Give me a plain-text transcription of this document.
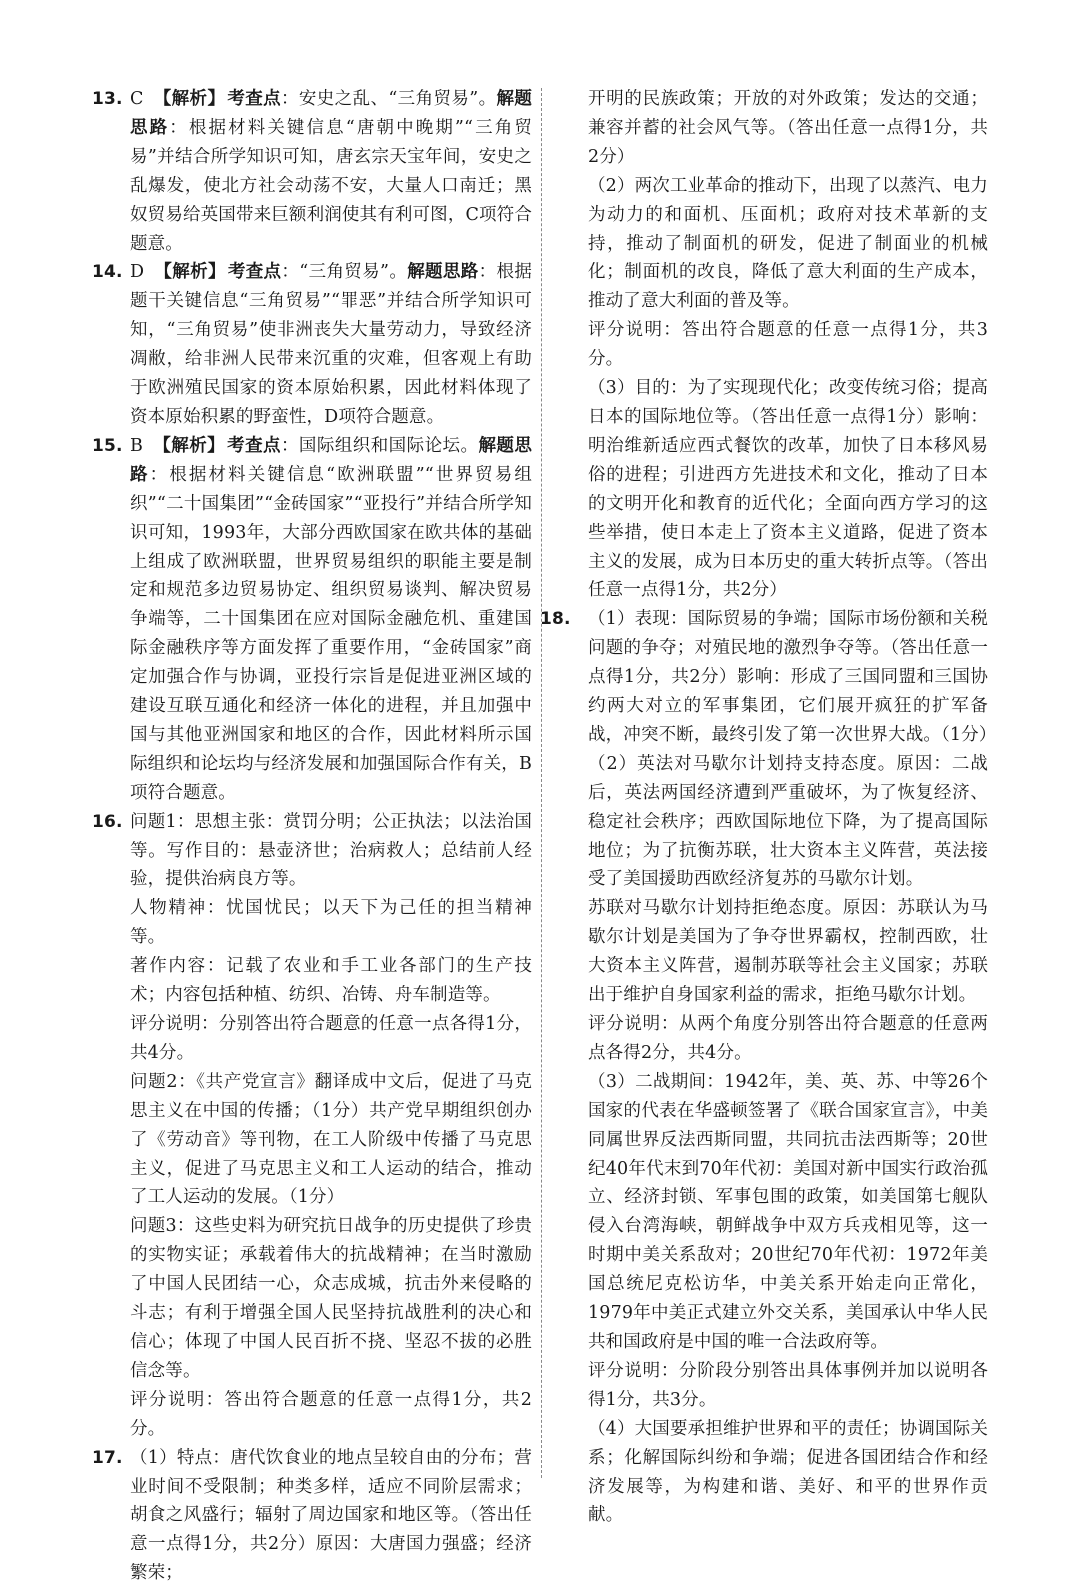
13. C 【解析】 考查点：安史之乱、“三角贸易”。解题思路：根据材料关键信息“唐朝中晚期”“三角贸易”并结合所学知识可知，唐玄宗天宝年间，安史之乱爆发，使北方社会动荡不安，大量人口南迁；黑奴贸易给英国带来巨额利润使其有利可图，C项符合题意。

14. D 【解析】 考查点：“三角贸易”。解题思路：根据题干关键信息“三角贸易”“罪恶”并结合所学知识可知，“三角贸易”使非洲丧失大量劳动力，导致经济凋敝，给非洲人民带来沉重的灾难，但客观上有助于欧洲殖民国家的资本原始积累，因此材料体现了资本原始积累的野蛮性，D项符合题意。

15. B 【解析】 考查点：国际组织和国际论坛。解题思路：根据材料关键信息“欧洲联盟”“世界贸易组织”“二十国集团”“金砖国家”“亚投行”并结合所学知识可知，1993年，大部分西欧国家在欧共体的基础上组成了欧洲联盟，世界贸易组织的职能主要是制定和规范多边贸易协定、组织贸易谈判、解决贸易争端等，二十国集团在应对国际金融危机、重建国际金融秩序等方面发挥了重要作用，“金砖国家”商定加强合作与协调，亚投行宗旨是促进亚洲区域的建设互联互通化和经济一体化的进程，并且加强中国与其他亚洲国家和地区的合作，因此材料所示国际组织和论坛均与经济发展和加强国际合作有关，B项符合题意。

16. 问题1：思想主张：赏罚分明；公正执法；以法治国等。写作目的：悬壶济世；治病救人；总结前人经验，提供治病良方等。

人物精神：忧国忧民；以天下为己任的担当精神等。

著作内容：记载了农业和手工业各部门的生产技术；内容包括种植、纺织、冶铸、舟车制造等。

评分说明：分别答出符合题意的任意一点各得1分，共4分。

问题2：《共产党宣言》翻译成中文后，促进了马克思主义在中国的传播；（1分）共产党早期组织创办了《劳动音》等刊物，在工人阶级中传播了马克思主义，促进了马克思主义和工人运动的结合，推动了工人运动的发展。（1分）

问题3：这些史料为研究抗日战争的历史提供了珍贵的实物实证；承载着伟大的抗战精神；在当时激励了中国人民团结一心，众志成城，抗击外来侵略的斗志；有利于增强全国人民坚持抗战胜利的决心和信心；体现了中国人民百折不挠、坚忍不拔的必胜信念等。

评分说明：答出符合题意的任意一点得1分，共2分。

17. （1）特点：唐代饮食业的地点呈较自由的分布；营业时间不受限制；种类多样，适应不同阶层需求；胡食之风盛行；辐射了周边国家和地区等。（答出任意一点得1分，共2分）原因：大唐国力强盛；经济繁荣；

开明的民族政策；开放的对外政策；发达的交通；兼容并蓄的社会风气等。（答出任意一点得1分，共2分）

（2）两次工业革命的推动下，出现了以蒸汽、电力为动力的和面机、压面机；政府对技术革新的支持，推动了制面机的研发，促进了制面业的机械化；制面机的改良，降低了意大利面的生产成本，推动了意大利面的普及等。

评分说明：答出符合题意的任意一点得1分，共3分。

（3）目的：为了实现现代化；改变传统习俗；提高日本的国际地位等。（答出任意一点得1分）影响：明治维新适应西式餐饮的改革，加快了日本移风易俗的进程；引进西方先进技术和文化，推动了日本的文明开化和教育的近代化；全面向西方学习的这些举措，使日本走上了资本主义道路，促进了资本主义的发展，成为日本历史的重大转折点等。（答出任意一点得1分，共2分）

18. （1）表现：国际贸易的争端；国际市场份额和关税问题的争夺；对殖民地的激烈争夺等。（答出任意一点得1分，共2分）影响：形成了三国同盟和三国协约两大对立的军事集团，它们展开疯狂的扩军备战，冲突不断，最终引发了第一次世界大战。（1分）

（2）英法对马歇尔计划持支持态度。原因：二战后，英法两国经济遭到严重破坏，为了恢复经济、稳定社会秩序；西欧国际地位下降，为了提高国际地位；为了抗衡苏联，壮大资本主义阵营，英法接受了美国援助西欧经济复苏的马歇尔计划。

苏联对马歇尔计划持拒绝态度。原因：苏联认为马歇尔计划是美国为了争夺世界霸权，控制西欧，壮大资本主义阵营，遏制苏联等社会主义国家；苏联出于维护自身国家利益的需求，拒绝马歇尔计划。

评分说明：从两个角度分别答出符合题意的任意两点各得2分，共4分。

（3）二战期间：1942年，美、英、苏、中等26个国家的代表在华盛顿签署了《联合国家宣言》，中美同属世界反法西斯同盟，共同抗击法西斯等；20世纪40年代末到70年代初：美国对新中国实行政治孤立、经济封锁、军事包围的政策，如美国第七舰队侵入台湾海峡，朝鲜战争中双方兵戎相见等，这一时期中美关系敌对；20世纪70年代初：1972年美国总统尼克松访华，中美关系开始走向正常化，1979年中美正式建立外交关系，美国承认中华人民共和国政府是中国的唯一合法政府等。

评分说明：分阶段分别答出具体事例并加以说明各得1分，共3分。

（4）大国要承担维护世界和平的责任；协调国际关系；化解国际纠纷和争端；促进各国团结合作和经济发展等，为构建和谐、美好、和平的世界作贡献。
